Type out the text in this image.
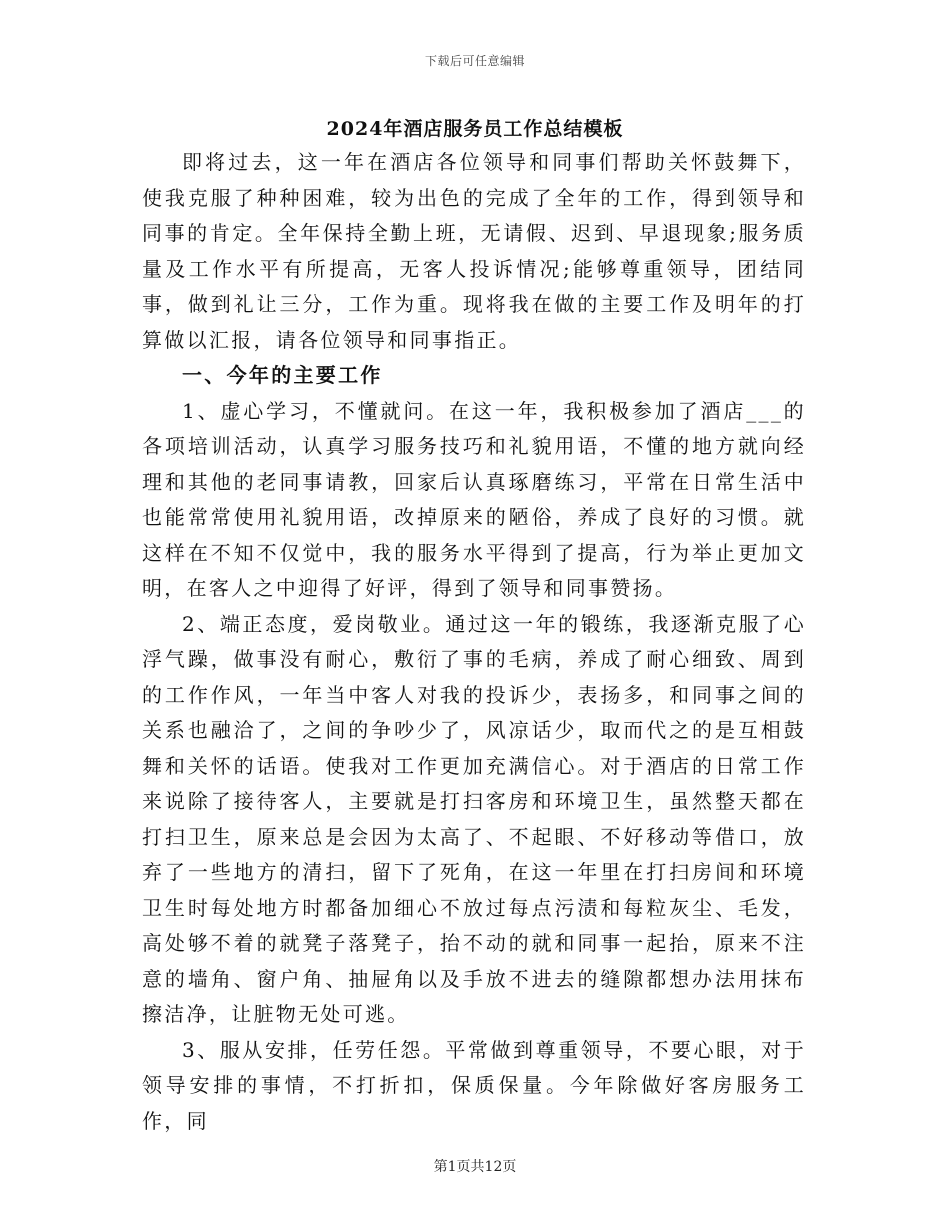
下载后可任意编辑
2024年酒店服务员工作总结模板

即将过去，这一年在酒店各位领导和同事们帮助关怀鼓舞下，使我克服了种种困难，较为出色的完成了全年的工作，得到领导和同事的肯定。全年保持全勤上班，无请假、迟到、早退现象;服务质量及工作水平有所提高，无客人投诉情况;能够尊重领导，团结同事，做到礼让三分，工作为重。现将我在做的主要工作及明年的打算做以汇报，请各位领导和同事指正。

一、今年的主要工作

1、虚心学习，不懂就问。在这一年，我积极参加了酒店___的各项培训活动，认真学习服务技巧和礼貌用语，不懂的地方就向经理和其他的老同事请教，回家后认真琢磨练习，平常在日常生活中也能常常使用礼貌用语，改掉原来的陋俗，养成了良好的习惯。就这样在不知不仅觉中，我的服务水平得到了提高，行为举止更加文明，在客人之中迎得了好评，得到了领导和同事赞扬。

2、端正态度，爱岗敬业。通过这一年的锻练，我逐渐克服了心浮气躁，做事没有耐心，敷衍了事的毛病，养成了耐心细致、周到的工作作风，一年当中客人对我的投诉少，表扬多，和同事之间的关系也融洽了，之间的争吵少了，风凉话少，取而代之的是互相鼓舞和关怀的话语。使我对工作更加充满信心。对于酒店的日常工作来说除了接待客人，主要就是打扫客房和环境卫生，虽然整天都在打扫卫生，原来总是会因为太高了、不起眼、不好移动等借口，放弃了一些地方的清扫，留下了死角，在这一年里在打扫房间和环境卫生时每处地方时都备加细心不放过每点污渍和每粒灰尘、毛发，高处够不着的就凳子落凳子，抬不动的就和同事一起抬，原来不注意的墙角、窗户角、抽屉角以及手放不进去的缝隙都想办法用抹布擦洁净，让脏物无处可逃。

3、服从安排，任劳任怨。平常做到尊重领导，不要心眼，对于领导安排的事情，不打折扣，保质保量。今年除做好客房服务工作，同

第1页共12页
